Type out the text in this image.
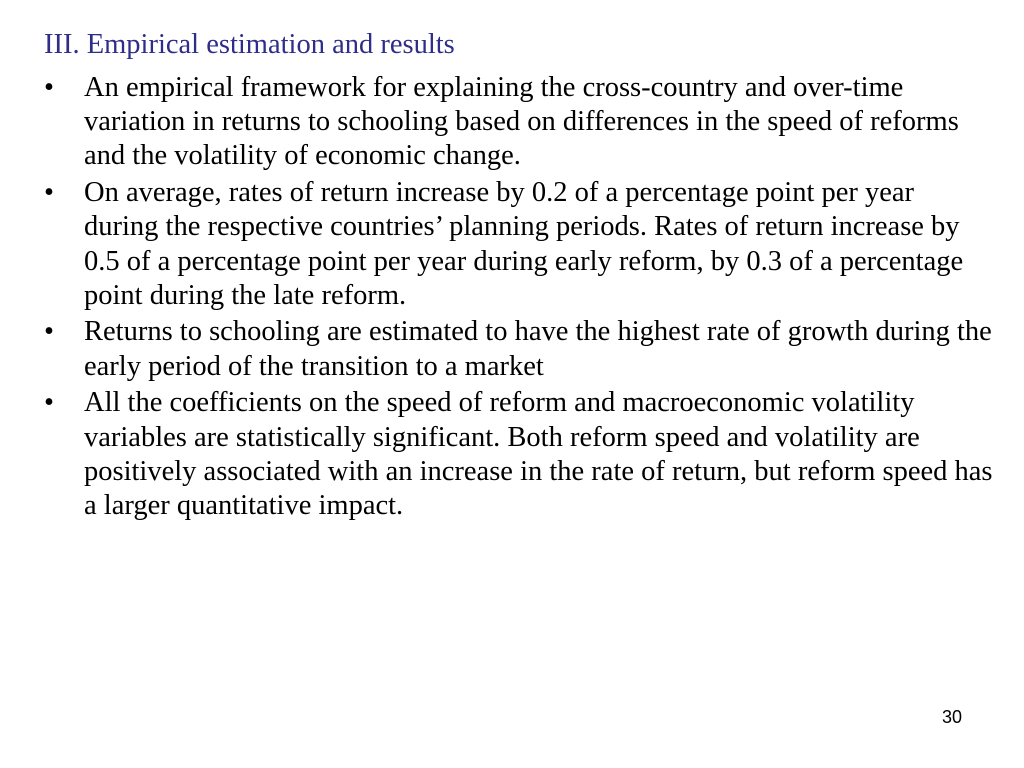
III. Empirical estimation and results
•	An empirical framework for explaining the cross-country and over-time variation in returns to schooling based on differences in the speed of reforms and the volatility of economic change.
•	On average, rates of return increase by 0.2 of a percentage point per year during the respective countries’ planning periods. Rates of return increase by 0.5 of a percentage point per year during early reform, by 0.3 of a percentage point during the late reform.
•	Returns to schooling are estimated to have the highest rate of growth during the early period of the transition to a market
•	All the coefficients on the speed of reform and macroeconomic volatility variables are statistically significant. Both reform speed and volatility are positively associated with an increase in the rate of return, but reform speed has a larger quantitative impact.
30
